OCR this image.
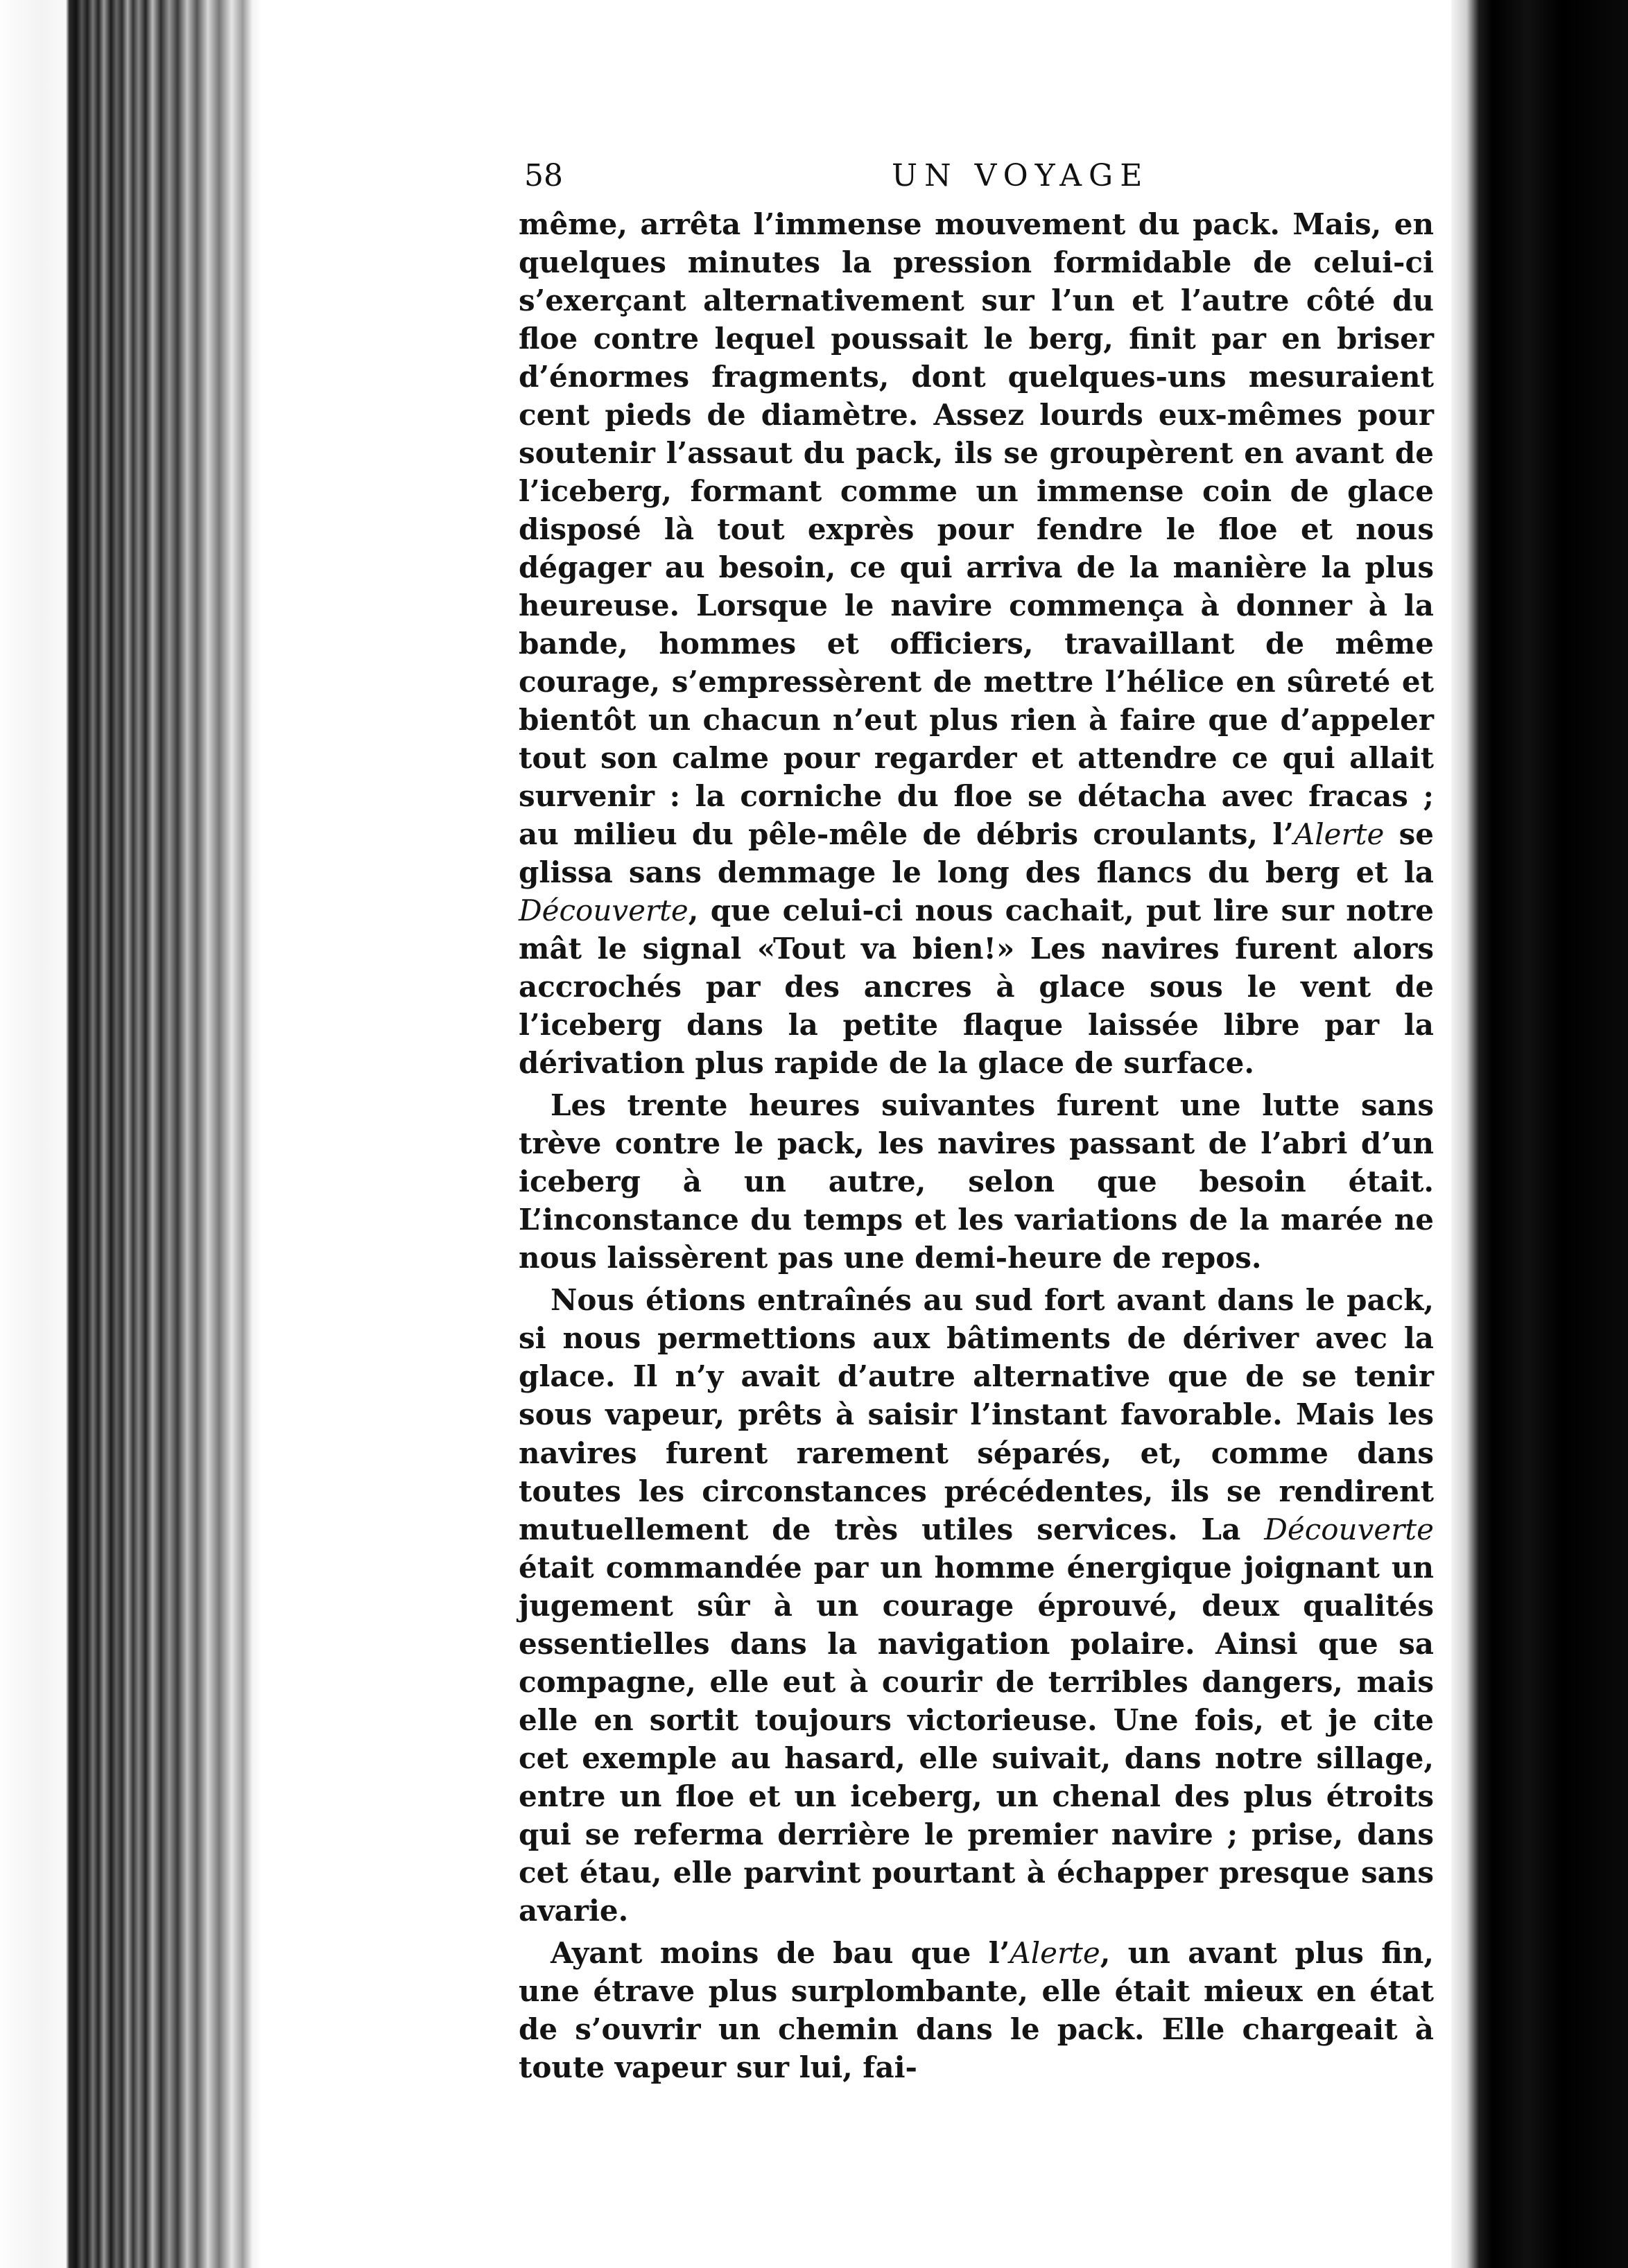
58	UN VOYAGE

même, arrêta l’immense mouvement du pack. Mais, en quelques minutes la pression formidable de celui-ci s’exerçant alternativement sur l’un et l’autre côté du floe contre lequel poussait le berg, finit par en briser d’énormes fragments, dont quelques-uns mesuraient cent pieds de diamètre. Assez lourds eux-mêmes pour soutenir l’assaut du pack, ils se groupèrent en avant de l’iceberg, formant comme un immense coin de glace disposé là tout exprès pour fendre le floe et nous dégager au besoin, ce qui arriva de la manière la plus heureuse. Lorsque le navire commença à donner à la bande, hommes et officiers, travaillant de même courage, s’empressèrent de mettre l’hélice en sûreté et bientôt un chacun n’eut plus rien à faire que d’appeler tout son calme pour regarder et attendre ce qui allait survenir : la corniche du floe se détacha avec fracas ; au milieu du pêle-mêle de débris croulants, l’Alerte se glissa sans demmage le long des flancs du berg et la Découverte, que celui-ci nous cachait, put lire sur notre mât le signal «Tout va bien!» Les navires furent alors accrochés par des ancres à glace sous le vent de l’iceberg dans la petite flaque laissée libre par la dérivation plus rapide de la glace de surface.

Les trente heures suivantes furent une lutte sans trève contre le pack, les navires passant de l’abri d’un iceberg à un autre, selon que besoin était. L’inconstance du temps et les variations de la marée ne nous laissèrent pas une demi-heure de repos.

Nous étions entraînés au sud fort avant dans le pack, si nous permettions aux bâtiments de dériver avec la glace. Il n’y avait d’autre alternative que de se tenir sous vapeur, prêts à saisir l’instant favorable. Mais les navires furent rarement séparés, et, comme dans toutes les circonstances précédentes, ils se rendirent mutuellement de très utiles services. La Découverte était commandée par un homme énergique joignant un jugement sûr à un courage éprouvé, deux qualités essentielles dans la navigation polaire. Ainsi que sa compagne, elle eut à courir de terribles dangers, mais elle en sortit toujours victorieuse. Une fois, et je cite cet exemple au hasard, elle suivait, dans notre sillage, entre un floe et un iceberg, un chenal des plus étroits qui se referma derrière le premier navire ; prise, dans cet étau, elle parvint pourtant à échapper presque sans avarie.

Ayant moins de bau que l’Alerte, un avant plus fin, une étrave plus surplombante, elle était mieux en état de s’ouvrir un chemin dans le pack. Elle chargeait à toute vapeur sur lui, fai-
